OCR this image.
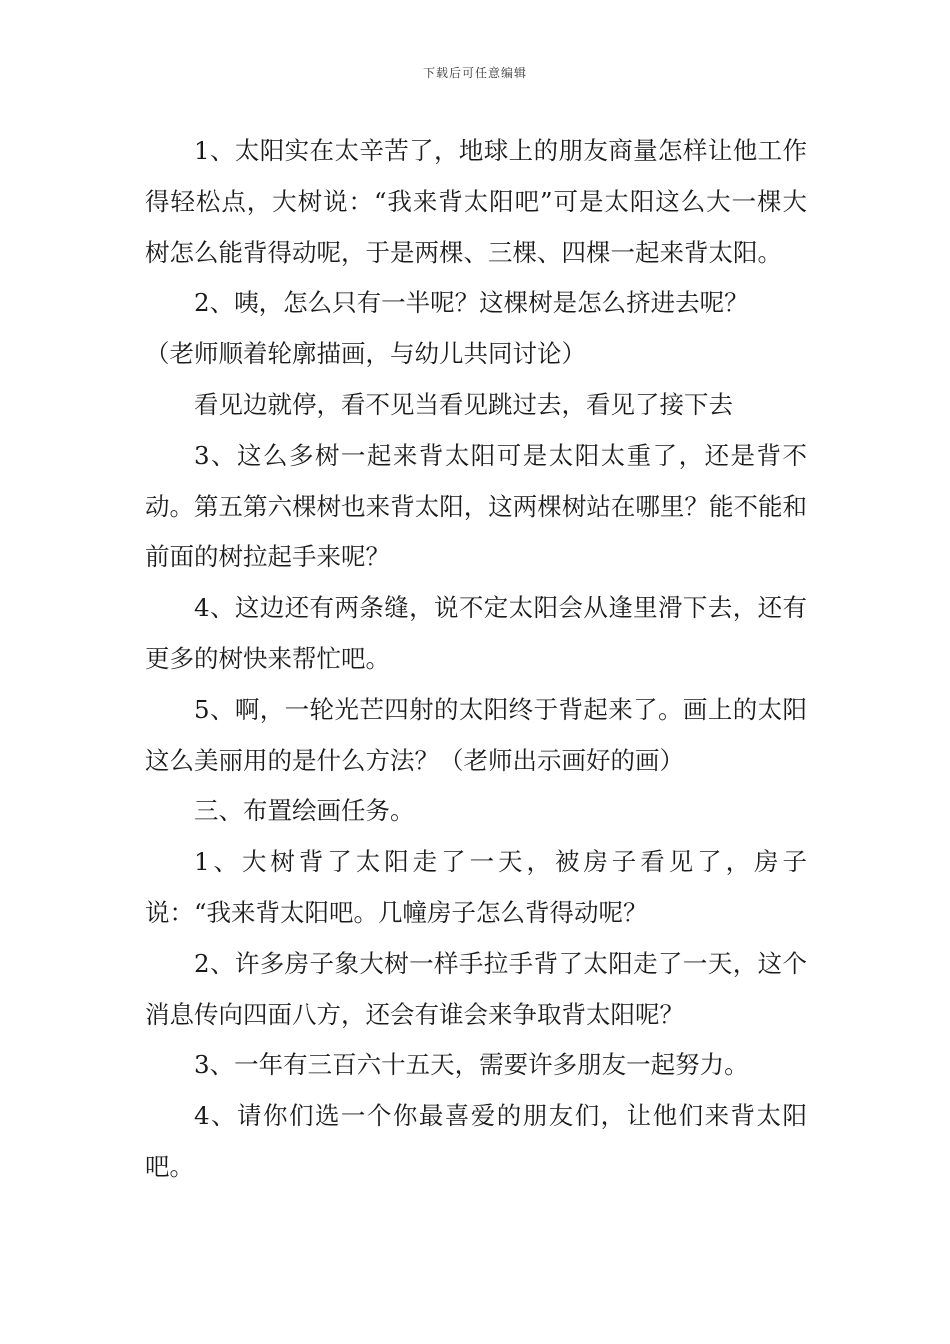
下载后可任意编辑

1、太阳实在太辛苦了，地球上的朋友商量怎样让他工作得轻松点，大树说：“我来背太阳吧”可是太阳这么大一棵大树怎么能背得动呢，于是两棵、三棵、四棵一起来背太阳。

2、咦，怎么只有一半呢？这棵树是怎么挤进去呢？

（老师顺着轮廓描画，与幼儿共同讨论）

看见边就停，看不见当看见跳过去，看见了接下去

3、这么多树一起来背太阳可是太阳太重了，还是背不动。第五第六棵树也来背太阳，这两棵树站在哪里？能不能和前面的树拉起手来呢？

4、这边还有两条缝，说不定太阳会从逢里滑下去，还有更多的树快来帮忙吧。

5、啊，一轮光芒四射的太阳终于背起来了。画上的太阳这么美丽用的是什么方法？（老师出示画好的画）

三、布置绘画任务。

1、大树背了太阳走了一天，被房子看见了，房子说：“我来背太阳吧。几幢房子怎么背得动呢？

2、许多房子象大树一样手拉手背了太阳走了一天，这个消息传向四面八方，还会有谁会来争取背太阳呢？

3、一年有三百六十五天，需要许多朋友一起努力。

4、请你们选一个你最喜爱的朋友们，让他们来背太阳吧。
